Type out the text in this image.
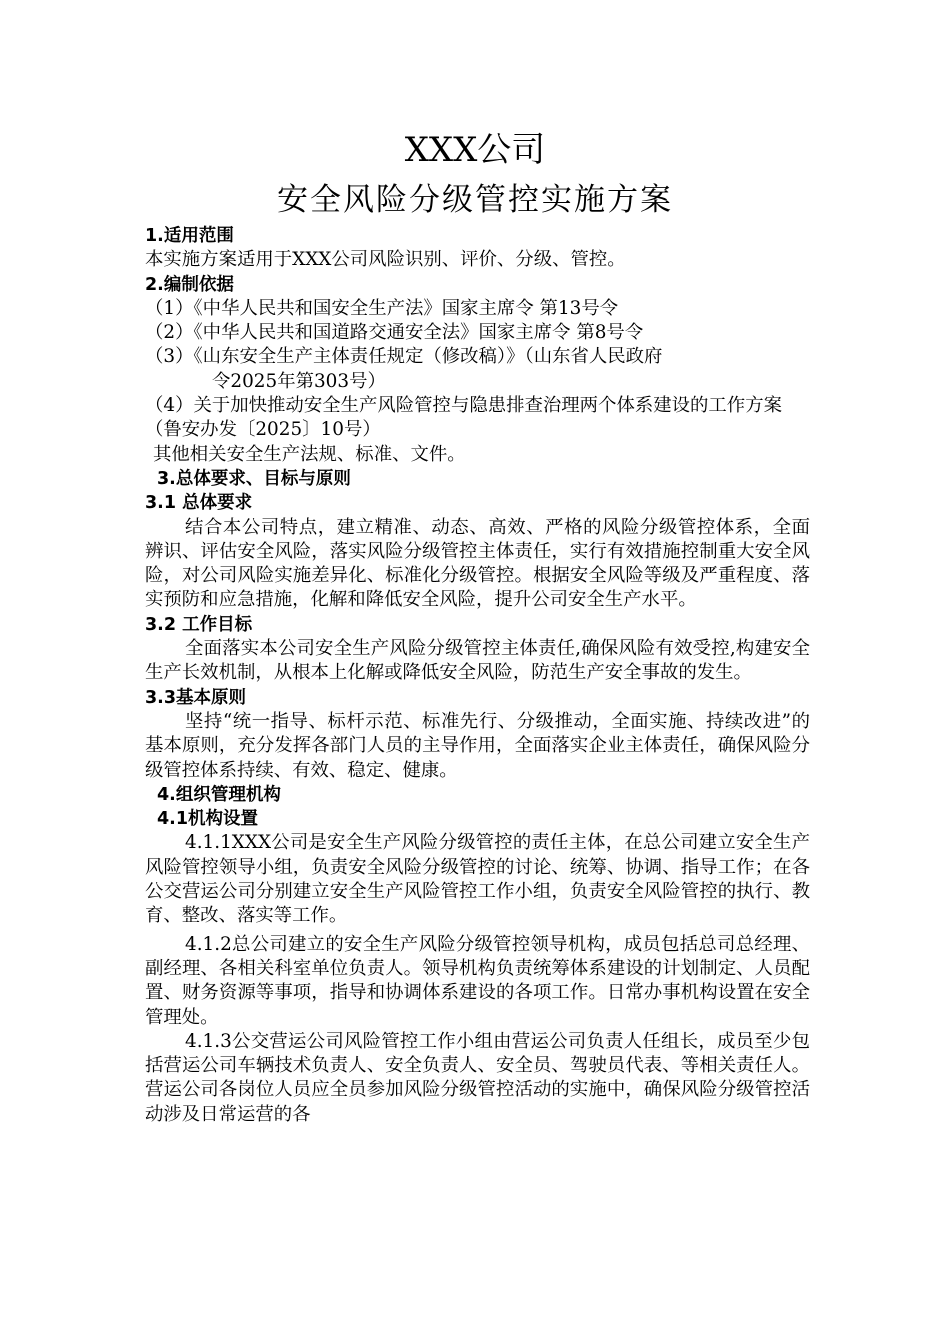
XXX公司
安全风险分级管控实施方案

1.适用范围

本实施方案适用于XXX公司风险识别、评价、分级、管控。

2.编制依据

（1）《中华人民共和国安全生产法》国家主席令 第13号令

（2）《中华人民共和国道路交通安全法》国家主席令 第8号令

（3）《山东安全生产主体责任规定（修改稿）》（山东省人民政府

令2025年第303号）

（4）关于加快推动安全生产风险管控与隐患排查治理两个体系建设的工作方案（鲁安办发〔2025〕10号）

其他相关安全生产法规、标准、文件。

3.总体要求、目标与原则

3.1 总体要求

结合本公司特点，建立精准、动态、高效、严格的风险分级管控体系，全面辨识、评估安全风险，落实风险分级管控主体责任，实行有效措施控制重大安全风险，对公司风险实施差异化、标准化分级管控。根据安全风险等级及严重程度、落实预防和应急措施，化解和降低安全风险，提升公司安全生产水平。

3.2 工作目标

全面落实本公司安全生产风险分级管控主体责任,确保风险有效受控,构建安全生产长效机制，从根本上化解或降低安全风险，防范生产安全事故的发生。

3.3基本原则

坚持“统一指导、标杆示范、标准先行、分级推动，全面实施、持续改进”的基本原则，充分发挥各部门人员的主导作用，全面落实企业主体责任，确保风险分级管控体系持续、有效、稳定、健康。

4.组织管理机构

4.1机构设置

4.1.1XXX公司是安全生产风险分级管控的责任主体，在总公司建立安全生产风险管控领导小组，负责安全风险分级管控的讨论、统筹、协调、指导工作；在各公交营运公司分别建立安全生产风险管控工作小组，负责安全风险管控的执行、教育、整改、落实等工作。

4.1.2总公司建立的安全生产风险分级管控领导机构，成员包括总司总经理、副经理、各相关科室单位负责人。领导机构负责统筹体系建设的计划制定、人员配置、财务资源等事项，指导和协调体系建设的各项工作。日常办事机构设置在安全管理处。

4.1.3公交营运公司风险管控工作小组由营运公司负责人任组长，成员至少包括营运公司车辆技术负责人、安全负责人、安全员、驾驶员代表、等相关责任人。营运公司各岗位人员应全员参加风险分级管控活动的实施中，确保风险分级管控活动涉及日常运营的各
